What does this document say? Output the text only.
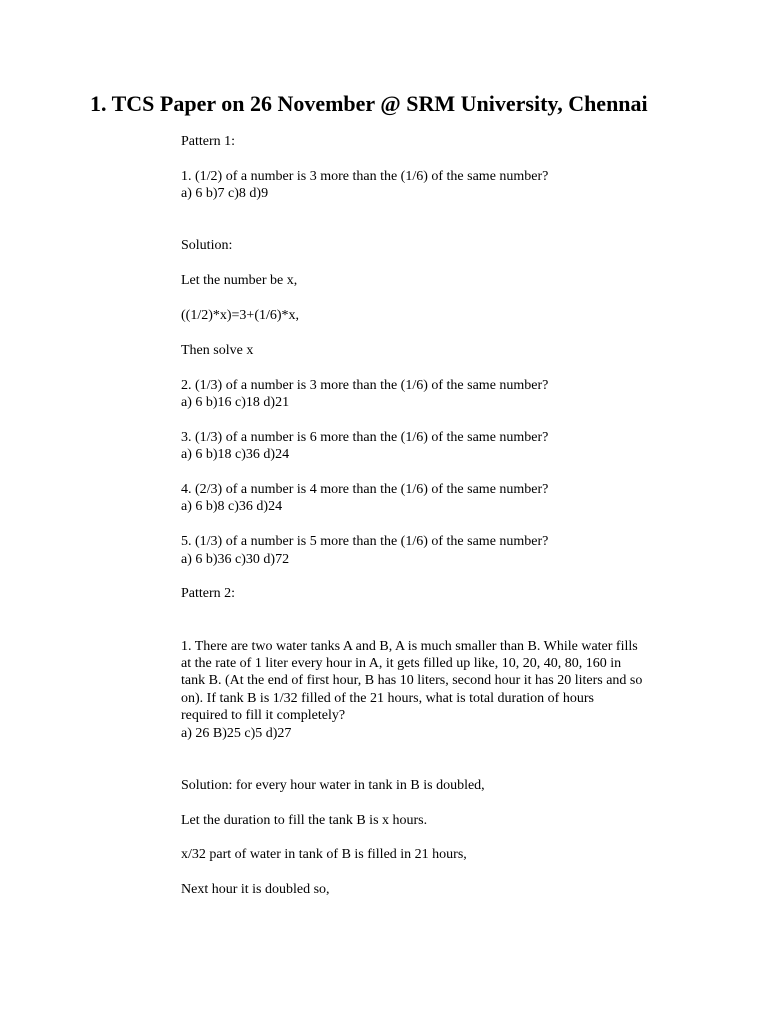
1. TCS Paper on 26 November @ SRM University, Chennai
Pattern 1:
1. (1/2) of a number is 3 more than the (1/6) of the same number?
a) 6 b)7 c)8 d)9
Solution:
Let the number be x,
((1/2)*x)=3+(1/6)*x,
Then solve x
2. (1/3) of a number is 3 more than the (1/6) of the same number?
a) 6 b)16 c)18 d)21
3. (1/3) of a number is 6 more than the (1/6) of the same number?
a) 6 b)18 c)36 d)24
4. (2/3) of a number is 4 more than the (1/6) of the same number?
a) 6 b)8 c)36 d)24
5. (1/3) of a number is 5 more than the (1/6) of the same number?
a) 6 b)36 c)30 d)72
Pattern 2:
1. There are two water tanks A and B, A is much smaller than B. While water fills
at the rate of 1 liter every hour in A, it gets filled up like, 10, 20, 40, 80, 160 in
tank B. (At the end of first hour, B has 10 liters, second hour it has 20 liters and so
on). If tank B is 1/32 filled of the 21 hours, what is total duration of hours
required to fill it completely?
a) 26 B)25 c)5 d)27
Solution: for every hour water in tank in B is doubled,
Let the duration to fill the tank B is x hours.
x/32 part of water in tank of B is filled in 21 hours,
Next hour it is doubled so,
